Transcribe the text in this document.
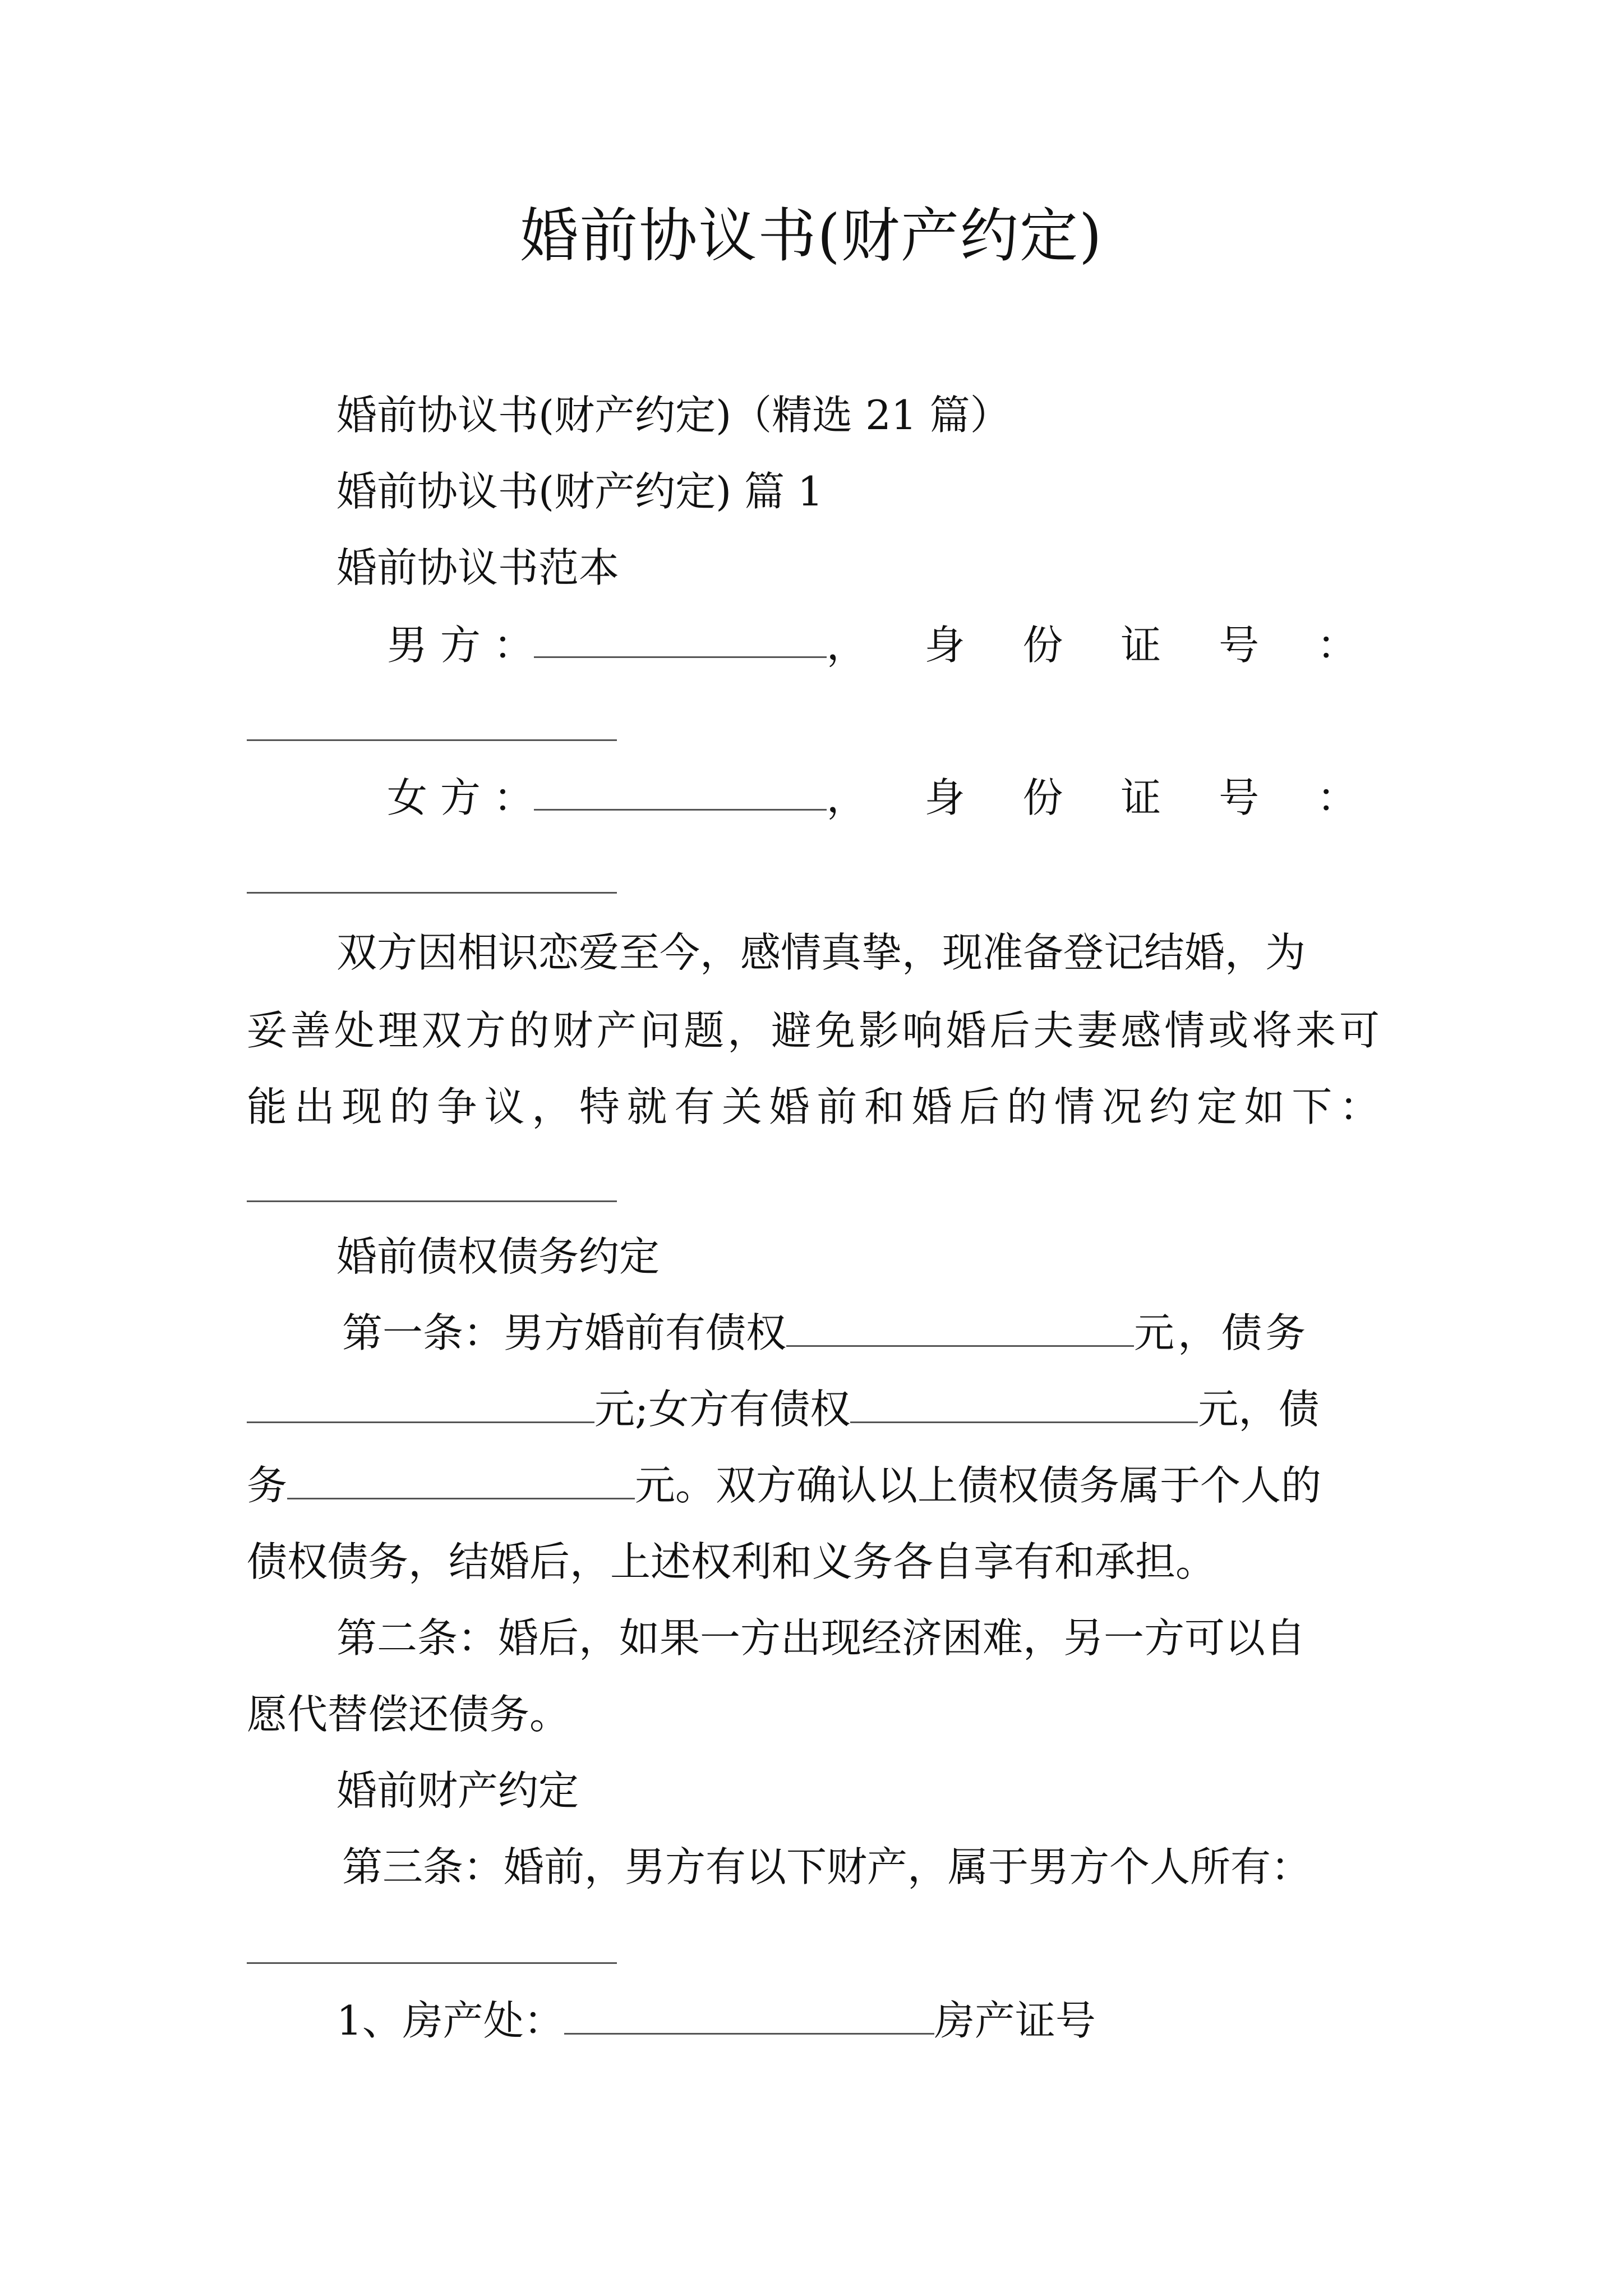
婚前协议书(财产约定)
婚前协议书(财产约定)（精选 21 篇）
婚前协议书(财产约定) 篇 1
婚前协议书范本
男 方 ：	， 身 份 证 号 ：
女 方 ：	， 身 份 证 号 ：
双方因相识恋爱至今，感情真挚，现准备登记结婚，为
妥善处理双方的财产问题，避免影响婚后夫妻感情或将来可
能出现的争议，特就有关婚前和婚后的情况约定如下：
婚前债权债务约定
第一条：男方婚前有债权	元，债务
元;女方有债权	元，债
务	元。双方确认以上债权债务属于个人的
债权债务，结婚后，上述权利和义务各自享有和承担。
第二条：婚后，如果一方出现经济困难，另一方可以自
愿代替偿还债务。
婚前财产约定
第三条：婚前，男方有以下财产，属于男方个人所有：
1、房产处：	房产证号
